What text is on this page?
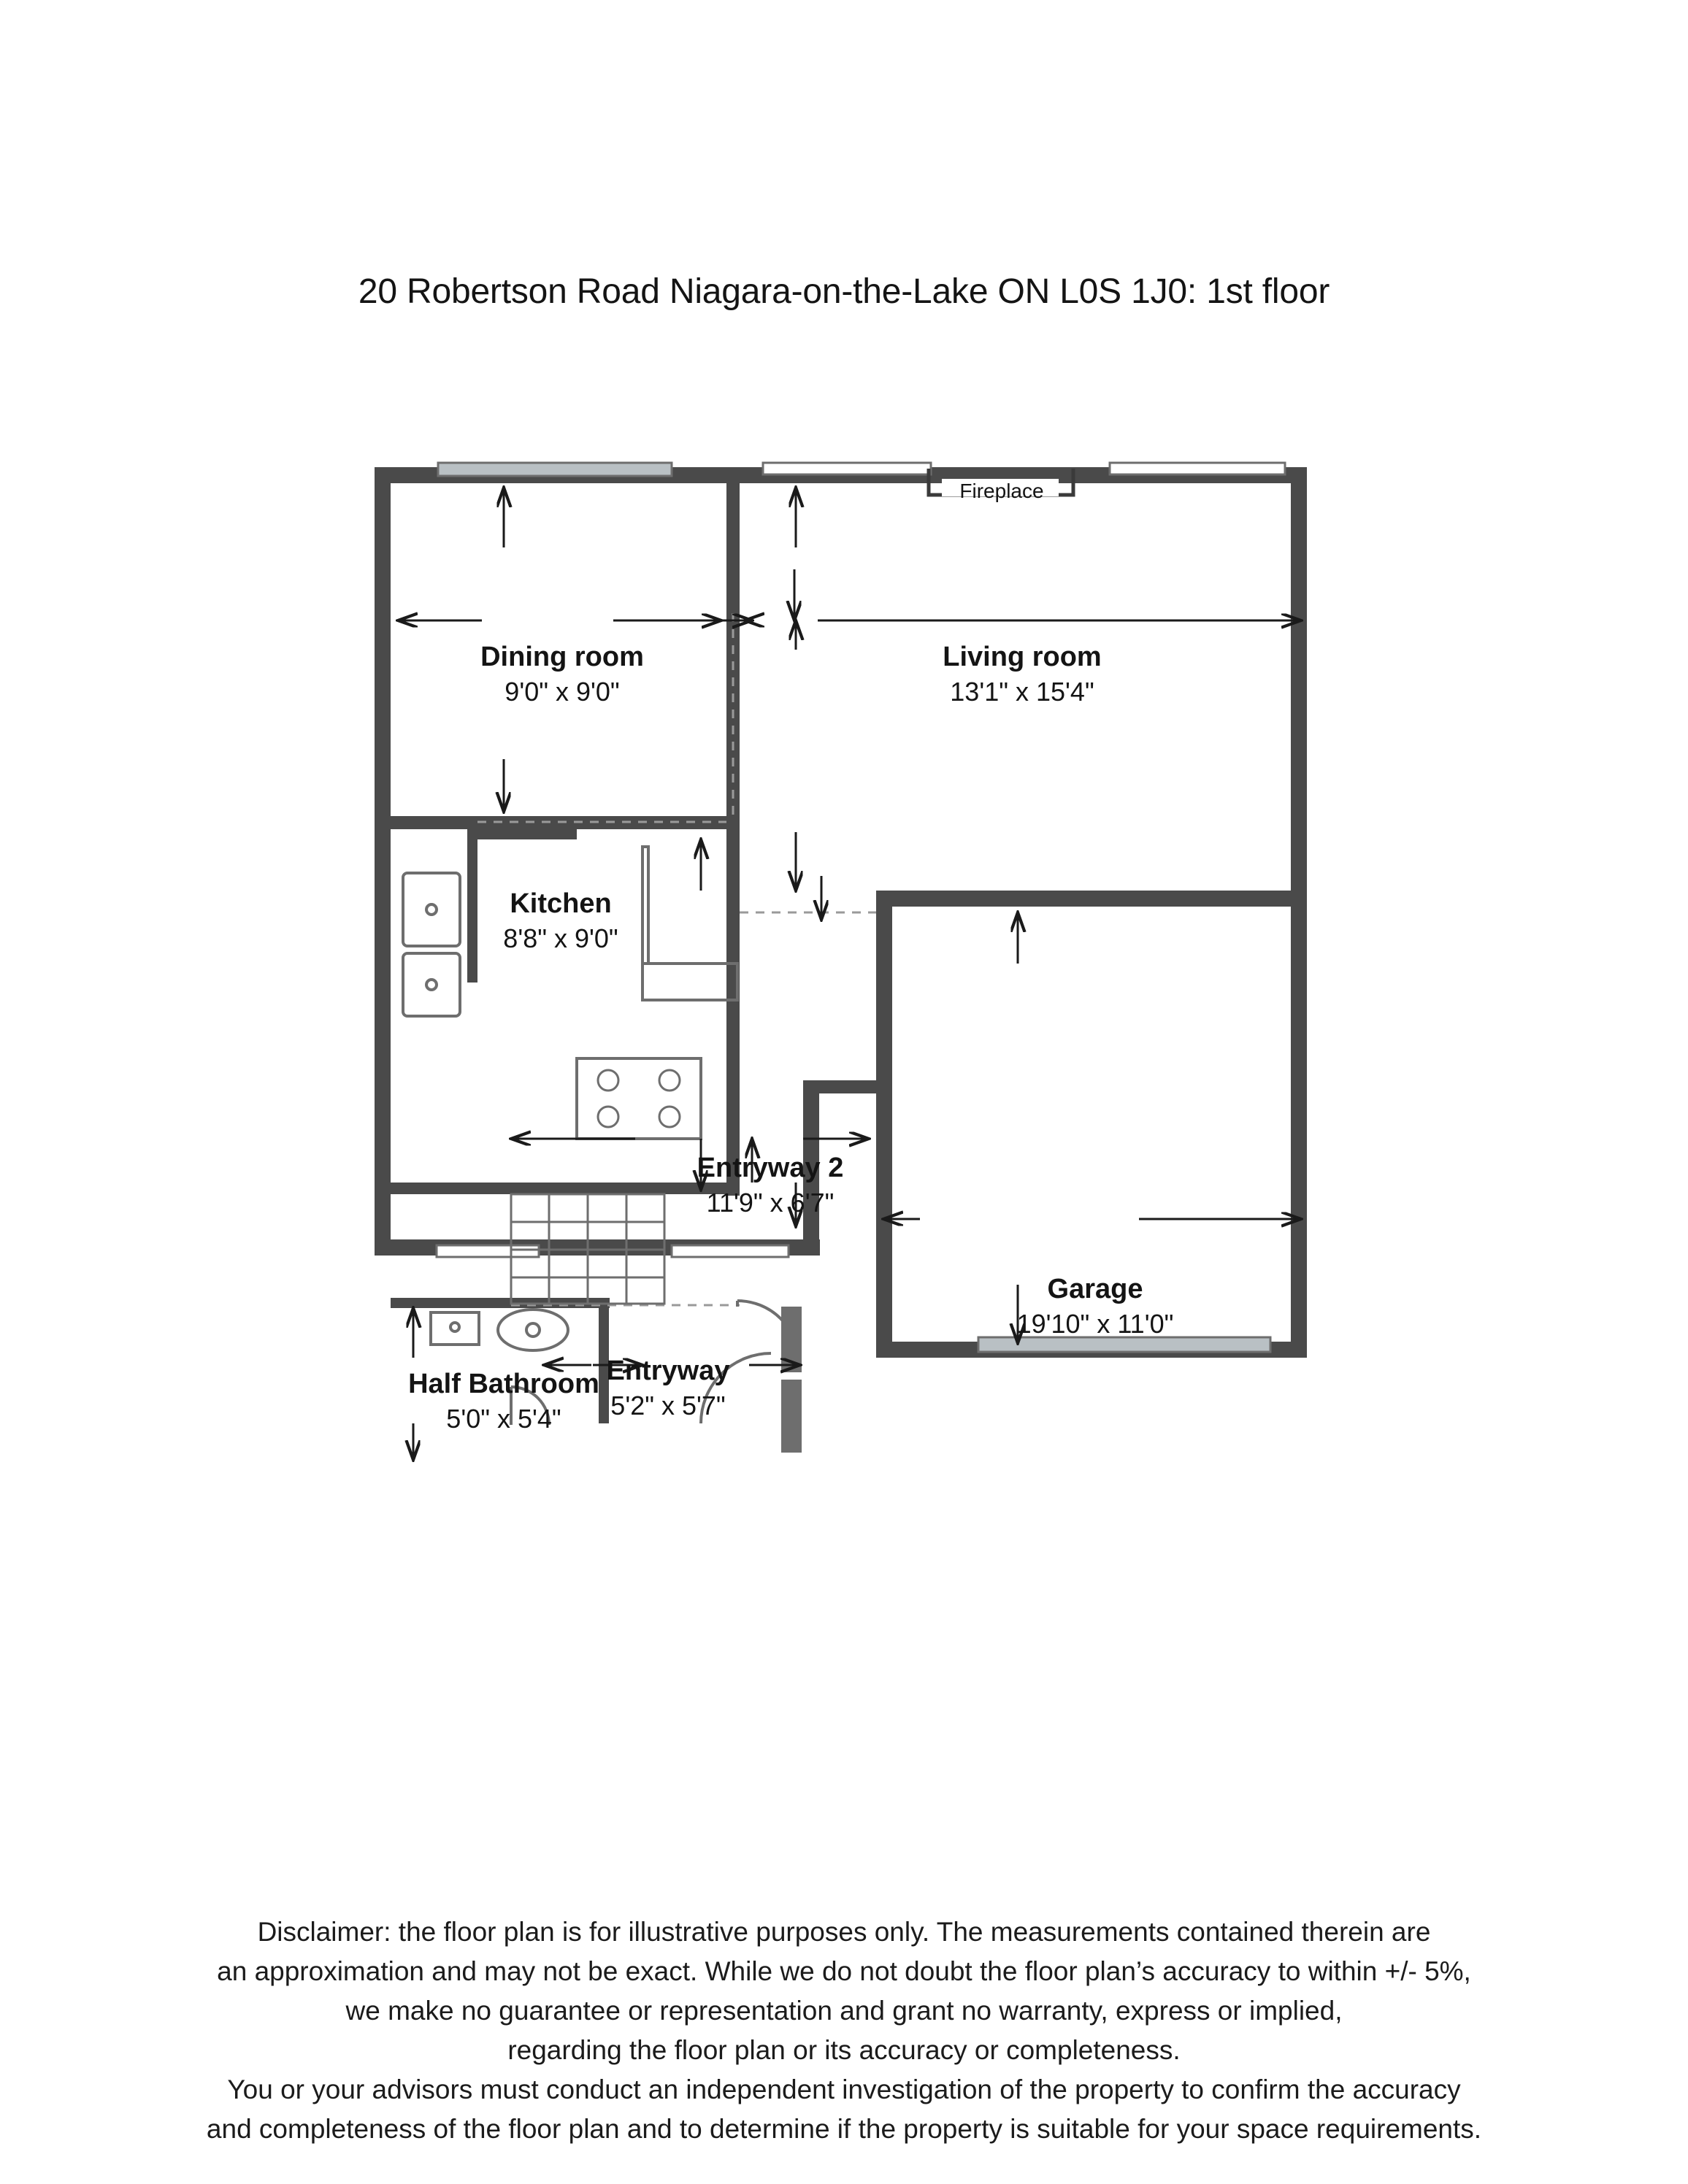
20 Robertson Road Niagara-on-the-Lake ON L0S 1J0: 1st floor
Fireplace
Dining room
9'0" x 9'0"
Living room
13'1" x 15'4"
Kitchen
8'8" x 9'0"
Entryway 2
11'9" x 6'7"
Garage
19'10" x 11'0"
Half Bathroom
5'0" x 5'4"
Entryway
5'2" x 5'7"
Disclaimer: the floor plan is for illustrative purposes only. The measurements contained therein are
an approximation and may not be exact. While we do not doubt the floor plan’s accuracy to within +/- 5%,
we make no guarantee or representation and grant no warranty, express or implied,
regarding the floor plan or its accuracy or completeness.
You or your advisors must conduct an independent investigation of the property to confirm the accuracy
and completeness of the floor plan and to determine if the property is suitable for your space requirements.
